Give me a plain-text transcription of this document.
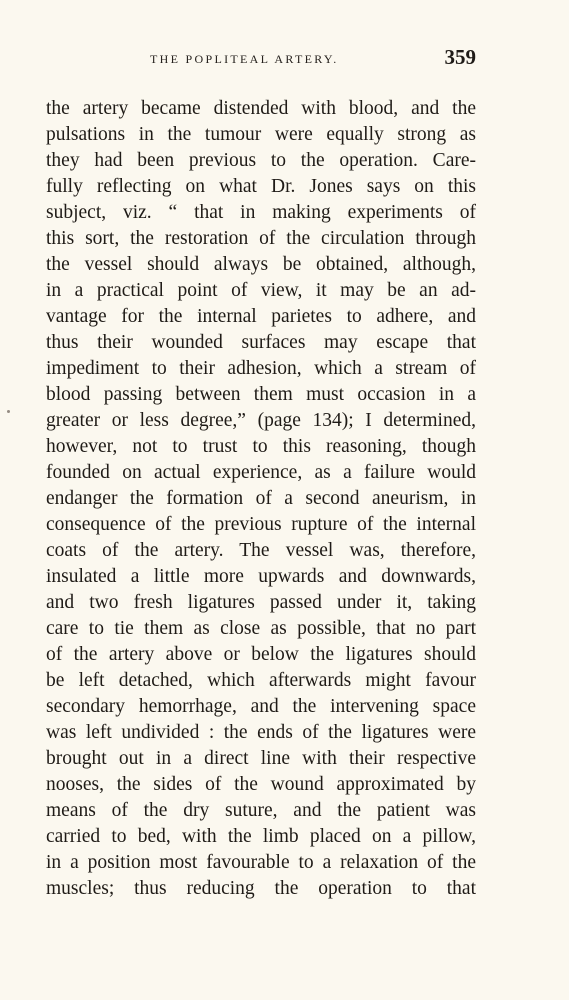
THE POPLITEAL ARTERY.	359
the artery became distended with blood, and the
pulsations in the tumour were equally strong as
they had been previous to the operation. Care-
fully reflecting on what Dr. Jones says on this
subject, viz. “ that in making experiments of
this sort, the restoration of the circulation through
the vessel should always be obtained, although,
in a practical point of view, it may be an ad-
vantage for the internal parietes to adhere, and
thus their wounded surfaces may escape that
impediment to their adhesion, which a stream of
blood passing between them must occasion in a
greater or less degree,” (page 134); I determined,
however, not to trust to this reasoning, though
founded on actual experience, as a failure would
endanger the formation of a second aneurism, in
consequence of the previous rupture of the internal
coats of the artery. The vessel was, therefore,
insulated a little more upwards and downwards,
and two fresh ligatures passed under it, taking
care to tie them as close as possible, that no part
of the artery above or below the ligatures should
be left detached, which afterwards might favour
secondary hemorrhage, and the intervening space
was left undivided : the ends of the ligatures were
brought out in a direct line with their respective
nooses, the sides of the wound approximated by
means of the dry suture, and the patient was
carried to bed, with the limb placed on a pillow,
in a position most favourable to a relaxation of the
muscles; thus reducing the operation to that
